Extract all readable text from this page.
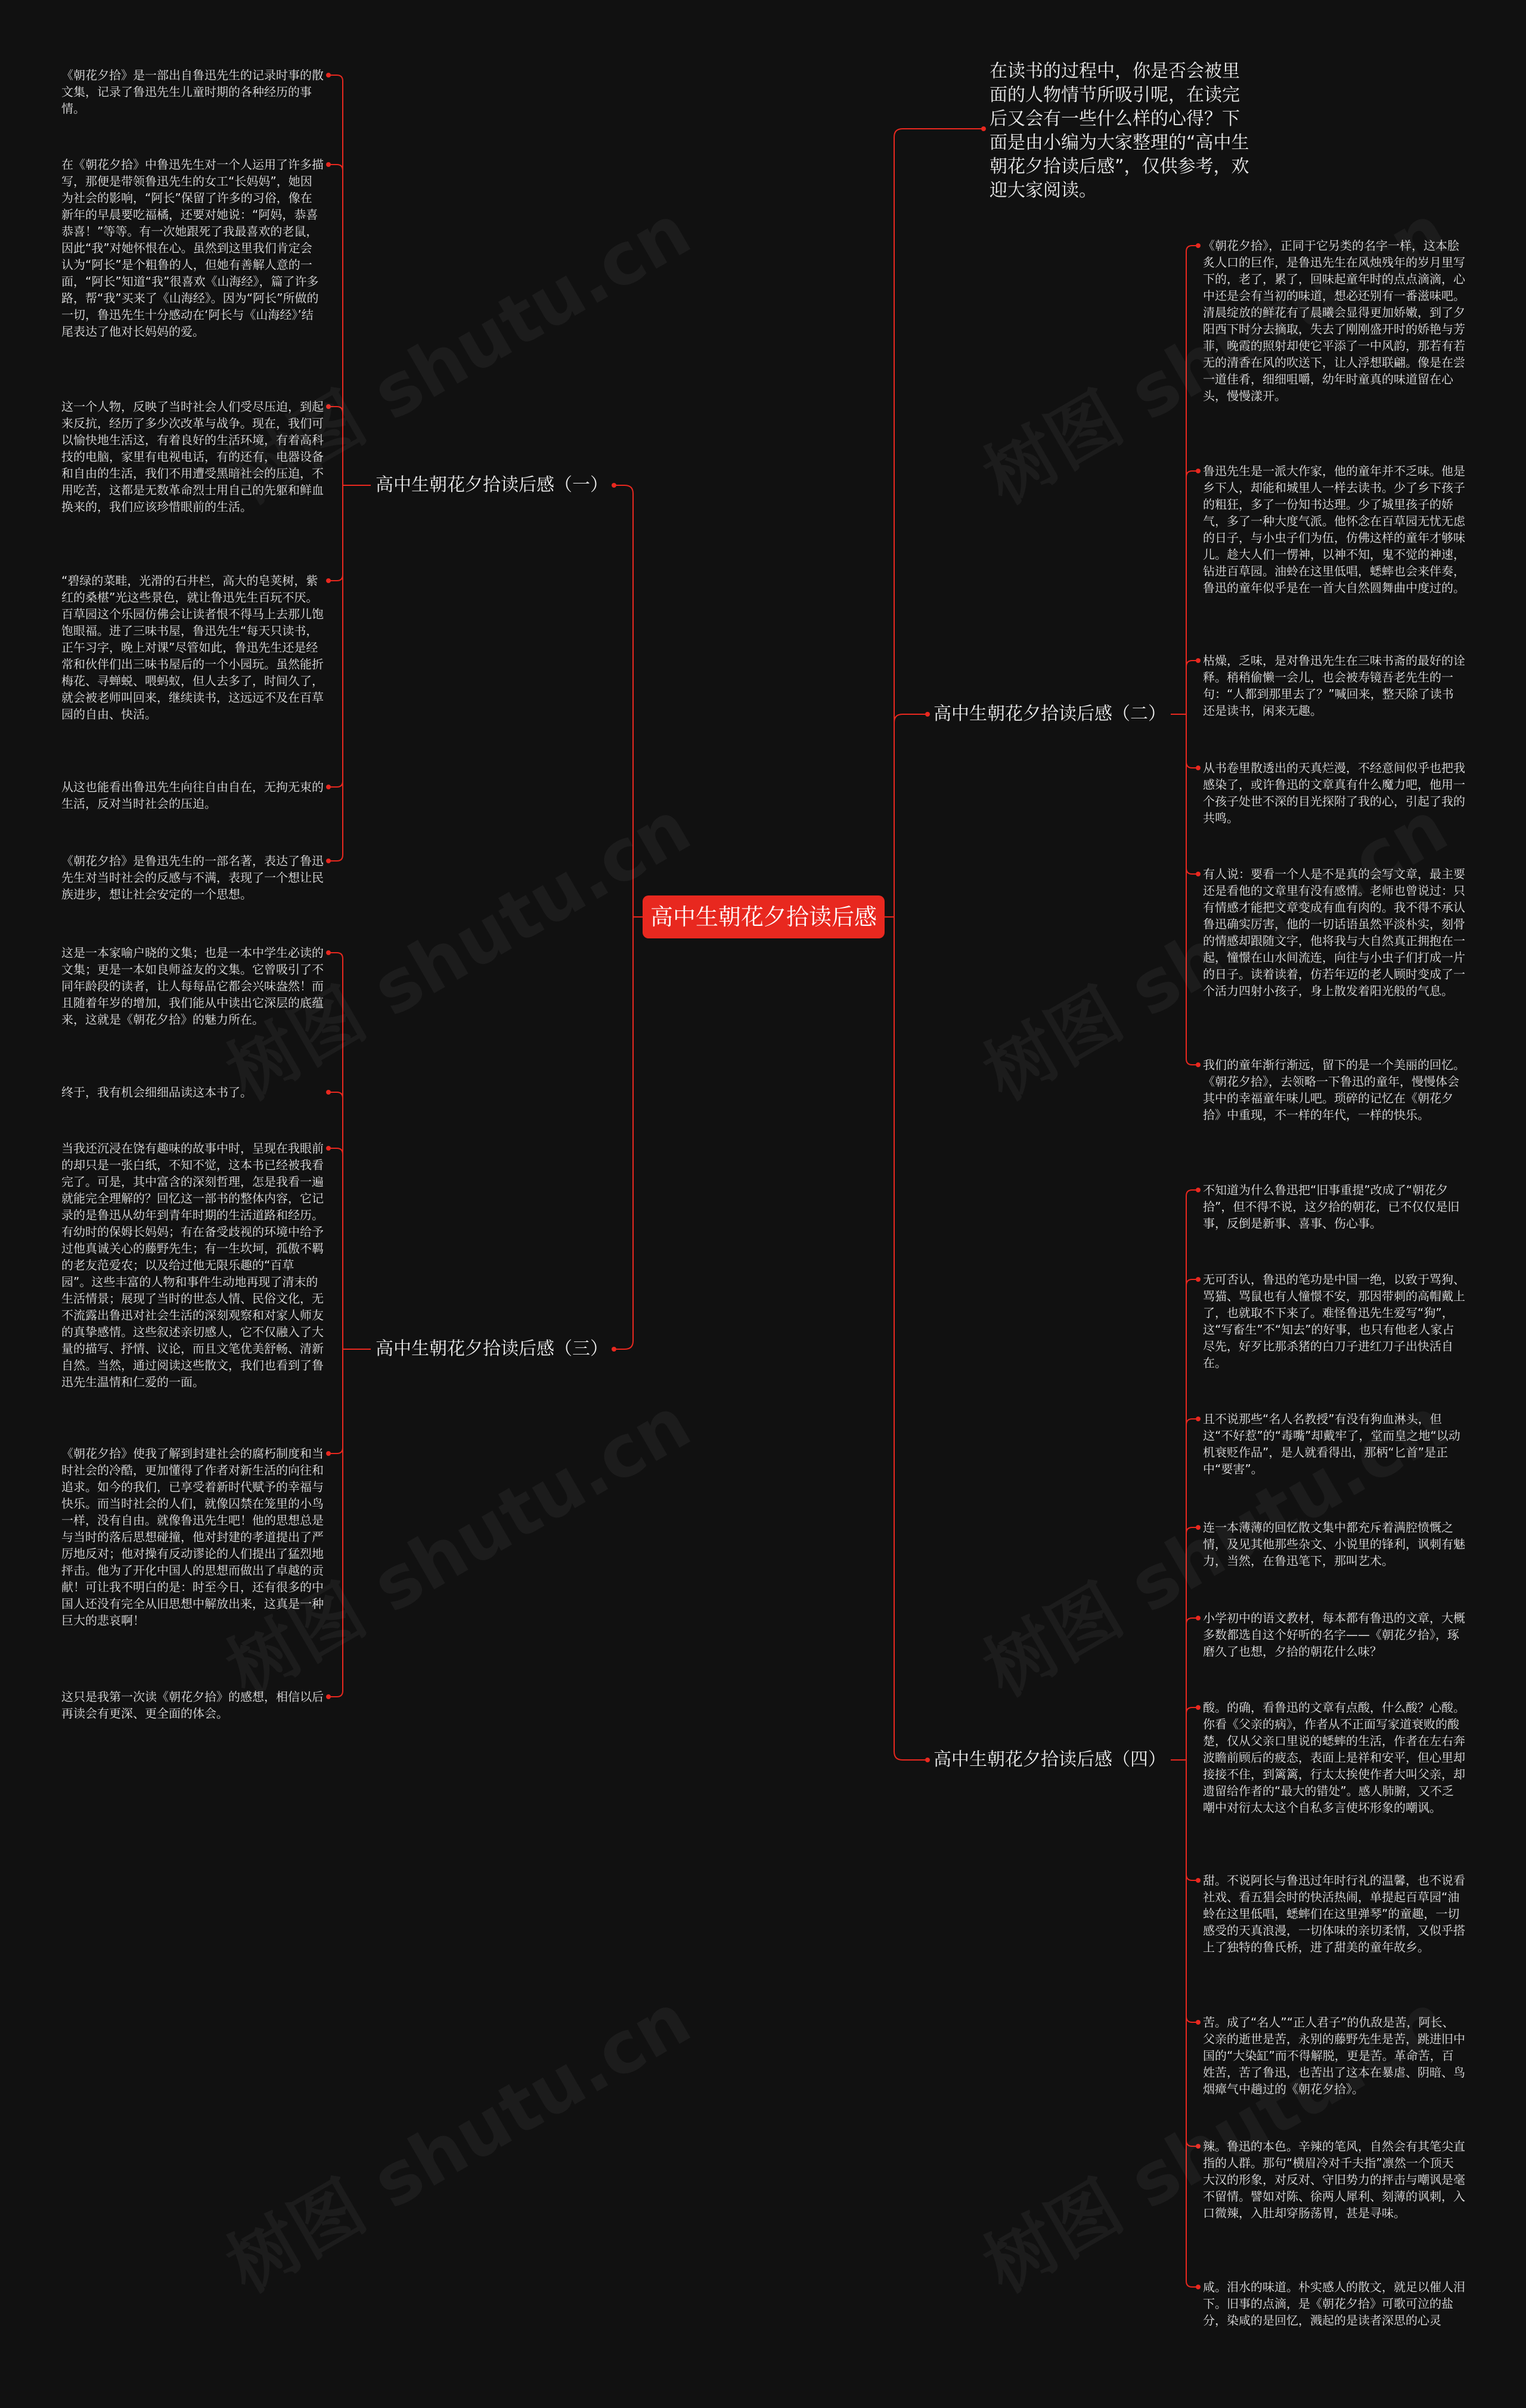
高中生朝花夕拾读后感
在读书的过程中，你是否会被里面的人物情节所吸引呢，在读完后又会有一些什么样的心得？下面是由小编为大家整理的“高中生朝花夕拾读后感”，仅供参考，欢迎大家阅读。
高中生朝花夕拾读后感（一）
高中生朝花夕拾读后感（二）
高中生朝花夕拾读后感（三）
高中生朝花夕拾读后感（四）
《朝花夕拾》是一部出自鲁迅先生的记录时事的散文集，记录了鲁迅先生儿童时期的各种经历的事情。
在《朝花夕拾》中鲁迅先生对一个人运用了许多描写，那便是带领鲁迅先生的女工“长妈妈”，她因为社会的影响，“阿长”保留了许多的习俗，像在新年的早晨要吃福橘，还要对她说：“阿妈，恭喜恭喜！”等等。有一次她跟死了我最喜欢的老鼠，因此“我”对她怀恨在心。虽然到这里我们肯定会认为“阿长”是个粗鲁的人，但她有善解人意的一面，“阿长”知道“我”很喜欢《山海经》，篇了许多路，帮“我”买来了《山海经》。因为“阿长”所做的一切，鲁迅先生十分感动在‘阿长与《山海经》’结尾表达了他对长妈妈的爱。
这一个人物，反映了当时社会人们受尽压迫，到起来反抗，经历了多少次改革与战争。现在，我们可以愉快地生活这，有着良好的生活环境，有着高科技的电脑，家里有电视电话，有的还有，电器设备和自由的生活，我们不用遭受黑暗社会的压迫，不用吃苦，这都是无数革命烈士用自己的先躯和鲜血换来的，我们应该珍惜眼前的生活。
“碧绿的菜畦，光滑的石井栏，高大的皂荚树，紫红的桑椹”光这些景色，就让鲁迅先生百玩不厌。百草园这个乐园仿佛会让读者恨不得马上去那儿饱饱眼福。进了三味书屋，鲁迅先生“每天只读书，正午习字，晚上对课”尽管如此，鲁迅先生还是经常和伙伴们出三味书屋后的一个小园玩。虽然能折梅花、寻蝉蜕、喂蚂蚁，但人去多了，时间久了，就会被老师叫回来，继续读书，这远远不及在百草园的自由、快活。
从这也能看出鲁迅先生向往自由自在，无拘无束的生活，反对当时社会的压迫。
《朝花夕拾》是鲁迅先生的一部名著，表达了鲁迅先生对当时社会的反感与不满，表现了一个想让民族进步，想让社会安定的一个思想。
《朝花夕拾》，正同于它另类的名字一样，这本脍炙人口的巨作，是鲁迅先生在风烛残年的岁月里写下的，老了，累了，回味起童年时的点点滴滴，心中还是会有当初的味道，想必还别有一番滋味吧。清晨绽放的鲜花有了晨曦会显得更加娇嫩，到了夕阳西下时分去摘取，失去了刚刚盛开时的娇艳与芳菲，晚霞的照射却使它平添了一中风韵，那若有若无的清香在风的吹送下，让人浮想联翩。像是在尝一道佳肴，细细咀嚼，幼年时童真的味道留在心头，慢慢漾开。
鲁迅先生是一派大作家，他的童年并不乏味。他是乡下人，却能和城里人一样去读书。少了乡下孩子的粗狂，多了一份知书达理。少了城里孩子的娇气，多了一种大度气派。他怀念在百草园无忧无虑的日子，与小虫子们为伍，仿佛这样的童年才够味儿。趁大人们一愣神，以神不知，鬼不觉的神速，钻进百草园。油蛉在这里低唱，蟋蟀也会来伴奏，鲁迅的童年似乎是在一首大自然圆舞曲中度过的。
枯燥，乏味，是对鲁迅先生在三味书斋的最好的诠释。稍稍偷懒一会儿，也会被寿镜吾老先生的一句：“人都到那里去了？”喊回来，整天除了读书还是读书，闲来无趣。
从书卷里散透出的天真烂漫，不经意间似乎也把我感染了，或许鲁迅的文章真有什么魔力吧，他用一个孩子处世不深的目光探附了我的心，引起了我的共鸣。
有人说：要看一个人是不是真的会写文章，最主要还是看他的文章里有没有感情。老师也曾说过：只有情感才能把文章变成有血有肉的。我不得不承认鲁迅确实厉害，他的一切话语虽然平淡朴实，刻骨的情感却跟随文字，他将我与大自然真正拥抱在一起，憧憬在山水间流连，向往与小虫子们打成一片的日子。读着读着，仿若年迈的老人顾时变成了一个活力四射小孩子，身上散发着阳光般的气息。
我们的童年渐行渐远，留下的是一个美丽的回忆。《朝花夕拾》，去领略一下鲁迅的童年，慢慢体会其中的幸福童年味儿吧。琐碎的记忆在《朝花夕拾》中重现，不一样的年代，一样的快乐。
这是一本家喻户晓的文集；也是一本中学生必读的文集；更是一本如良师益友的文集。它曾吸引了不同年龄段的读者，让人每每品它都会兴味盎然！而且随着年岁的增加，我们能从中读出它深层的底蕴来，这就是《朝花夕拾》的魅力所在。
终于，我有机会细细品读这本书了。
当我还沉浸在饶有趣味的故事中时，呈现在我眼前的却只是一张白纸，不知不觉，这本书已经被我看完了。可是，其中富含的深刻哲理，怎是我看一遍就能完全理解的？回忆这一部书的整体内容，它记录的是鲁迅从幼年到青年时期的生活道路和经历。有幼时的保姆长妈妈；有在备受歧视的环境中给予过他真诚关心的藤野先生；有一生坎坷，孤傲不羁的老友范爱农；以及给过他无限乐趣的“百草园”。这些丰富的人物和事件生动地再现了清末的生活情景；展现了当时的世态人情、民俗文化，无不流露出鲁迅对社会生活的深刻观察和对家人师友的真挚感情。这些叙述亲切感人，它不仅融入了大量的描写、抒情、议论，而且文笔优美舒畅、清新自然。当然，通过阅读这些散文，我们也看到了鲁迅先生温情和仁爱的一面。
《朝花夕拾》使我了解到封建社会的腐朽制度和当时社会的冷酷，更加懂得了作者对新生活的向往和追求。如今的我们，已享受着新时代赋予的幸福与快乐。而当时社会的人们，就像囚禁在笼里的小鸟一样，没有自由。就像鲁迅先生吧！他的思想总是与当时的落后思想碰撞，他对封建的孝道提出了严厉地反对；他对操有反动谬论的人们提出了猛烈地抨击。他为了开化中国人的思想而做出了卓越的贡献！可让我不明白的是：时至今日，还有很多的中国人还没有完全从旧思想中解放出来，这真是一种巨大的悲哀啊！
这只是我第一次读《朝花夕拾》的感想，相信以后再读会有更深、更全面的体会。
不知道为什么鲁迅把“旧事重提”改成了“朝花夕拾”，但不得不说，这夕拾的朝花，已不仅仅是旧事，反倒是新事、喜事、伤心事。
无可否认，鲁迅的笔功是中国一绝，以致于骂狗、骂猫、骂鼠也有人憧憬不安，那因带刺的高帽戴上了，也就取不下来了。难怪鲁迅先生爱写“狗”，这“写畜生”不“知去”的好事，也只有他老人家占尽先，好歹比那杀猪的白刀子进红刀子出快活自在。
且不说那些“名人名教授”有没有狗血淋头，但这“不好惹”的“毒嘴”却戴牢了，堂而皇之地“以动机衰贬作品”，是人就看得出，那柄“匕首”是正中“要害”。
连一本薄薄的回忆散文集中都充斥着满腔愤慨之情，及见其他那些杂文、小说里的锋利，讽刺有魅力，当然，在鲁迅笔下，那叫艺术。
小学初中的语文教材，每本都有鲁迅的文章，大概多数都选自这个好听的名字——《朝花夕拾》，琢磨久了也想，夕拾的朝花什么味？
酸。的确，看鲁迅的文章有点酸，什么酸？心酸。你看《父亲的病》，作者从不正面写家道衰败的酸楚，仅从父亲口里说的蟋蟀的生活，作者在左右奔波瞻前顾后的疲态，表面上是祥和安平，但心里却接接不住，到篱篱，行太太挨使作者大叫父亲，却遗留给作者的“最大的错处”。感人肺腑，又不乏嘲中对衍太太这个自私多言使坏形象的嘲讽。
甜。不说阿长与鲁迅过年时行礼的温馨，也不说看社戏、看五猖会时的快活热闹，单提起百草园“油蛉在这里低唱，蟋蟀们在这里弹琴”的童趣，一切感受的天真浪漫，一切体味的亲切柔情，又似乎搭上了独特的鲁氏桥，进了甜美的童年故乡。
苦。成了“名人”“正人君子”的仇敌是苦，阿长、父亲的逝世是苦，永别的藤野先生是苦，跳进旧中国的“大染缸”而不得解脱，更是苦。革命苦，百姓苦，苦了鲁迅，也苦出了这本在暴虐、阴暗、鸟烟瘴气中趟过的《朝花夕拾》。
辣。鲁迅的本色。辛辣的笔风，自然会有其笔尖直指的人群。那句“横眉冷对千夫指”凛然一个顶天大汉的形象，对反对、守旧势力的抨击与嘲讽是毫不留情。譬如对陈、徐两人犀利、刻薄的讽刺，入口微辣，入肚却穿肠荡胃，甚是寻味。
咸。泪水的味道。朴实感人的散文，就足以催人泪下。旧事的点滴，是《朝花夕拾》可歌可泣的盐分，染咸的是回忆，溅起的是读者深思的心灵
